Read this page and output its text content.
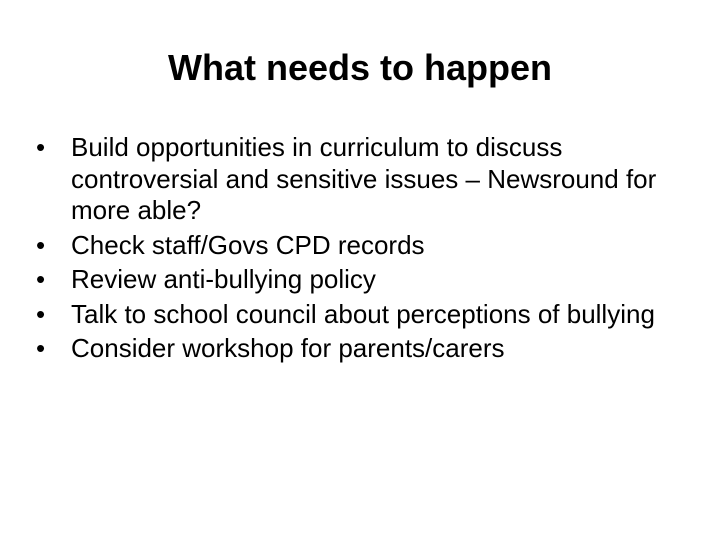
What needs to happen
• Build opportunities in curriculum to discuss controversial and sensitive issues – Newsround for more able?
• Check staff/Govs CPD records
• Review anti-bullying policy
• Talk to school council about perceptions of bullying
• Consider workshop for parents/carers
